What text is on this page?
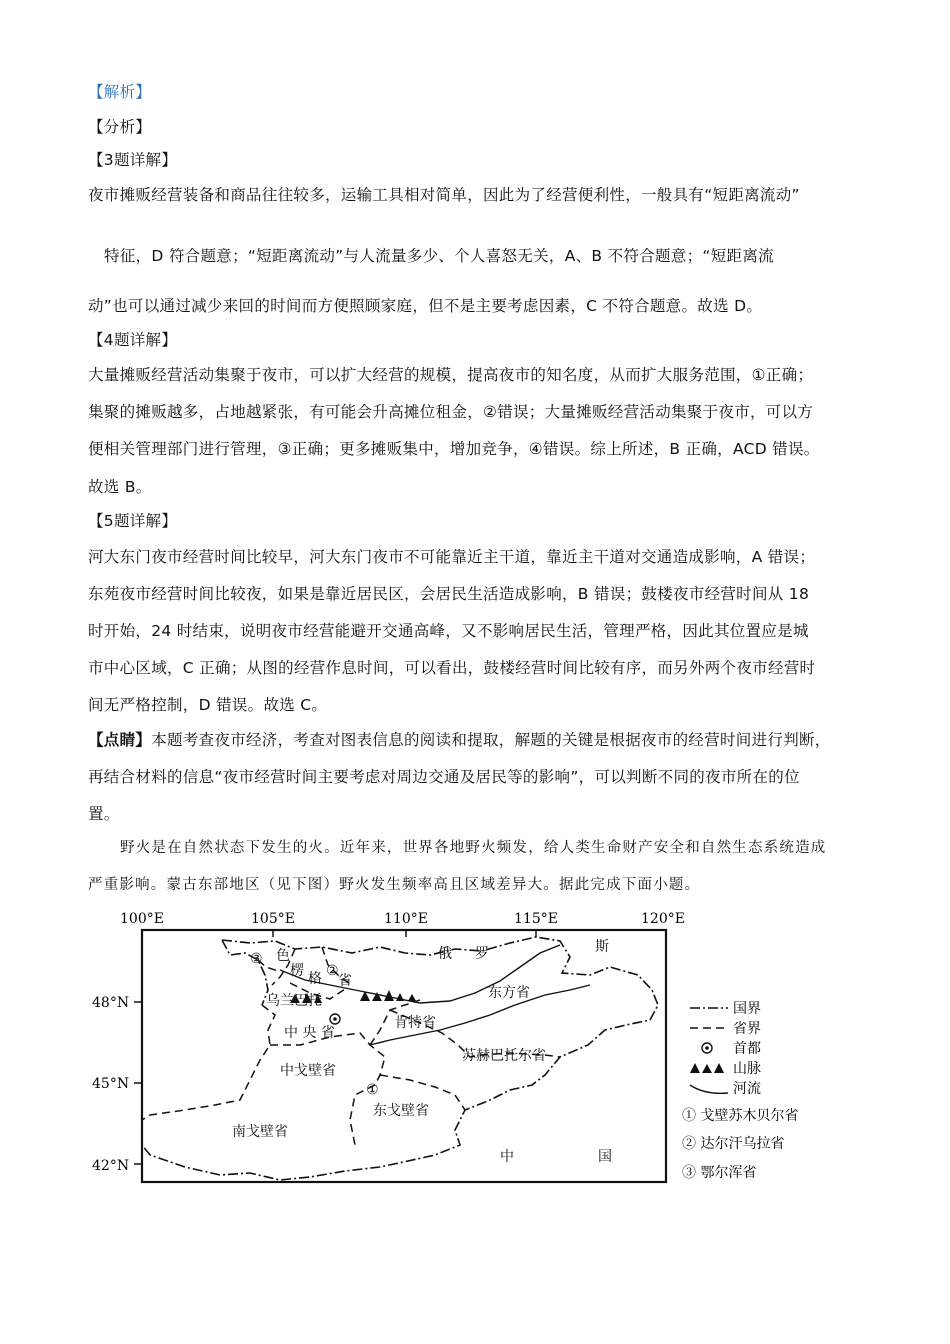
【解析】
【分析】
【3题详解】
夜市摊贩经营装备和商品往往较多，运输工具相对简单，因此为了经营便利性，一般具有“短距离流动”
特征，D 符合题意；“短距离流动”与人流量多少、个人喜怒无关，A、B 不符合题意；“短距离流
动”也可以通过减少来回的时间而方便照顾家庭，但不是主要考虑因素，C 不符合题意。故选 D。
【4题详解】
大量摊贩经营活动集聚于夜市，可以扩大经营的规模，提高夜市的知名度，从而扩大服务范围，①正确；
集聚的摊贩越多，占地越紧张，有可能会升高摊位租金，②错误；大量摊贩经营活动集聚于夜市，可以方
便相关管理部门进行管理，③正确；更多摊贩集中，增加竞争，④错误。综上所述，B 正确，ACD 错误。
故选 B。
【5题详解】
河大东门夜市经营时间比较早，河大东门夜市不可能靠近主干道，靠近主干道对交通造成影响，A 错误；
东苑夜市经营时间比较夜，如果是靠近居民区，会居民生活造成影响，B 错误；鼓楼夜市经营时间从 18
时开始，24 时结束，说明夜市经营能避开交通高峰，又不影响居民生活，管理严格，因此其位置应是城
市中心区域，C 正确；从图的经营作息时间，可以看出，鼓楼经营时间比较有序，而另外两个夜市经营时
间无严格控制，D 错误。故选 C。
【点睛】本题考查夜市经济，考查对图表信息的阅读和提取，解题的关键是根据夜市的经营时间进行判断，
再结合材料的信息“夜市经营时间主要考虑对周边交通及居民等的影响”，可以判断不同的夜市所在的位
置。
野火是在自然状态下发生的火。近年来，世界各地野火频发，给人类生命财产安全和自然生态系统造成
严重影响。蒙古东部地区（见下图）野火发生频率高且区域差异大。据此完成下面小题。
100°E	105°E	110°E	115°E	120°E
48°N
45°N
42°N
俄 罗	斯
色
楞 格 省
乌兰巴托
中 央 省
肯特省
东方省
苏赫巴托尔省
中戈壁省
东戈壁省
南戈壁省
中	国
①
②
③
国界
省界
首都
山脉
河流
① 戈壁苏木贝尔省
② 达尔汗乌拉省
③ 鄂尔浑省
